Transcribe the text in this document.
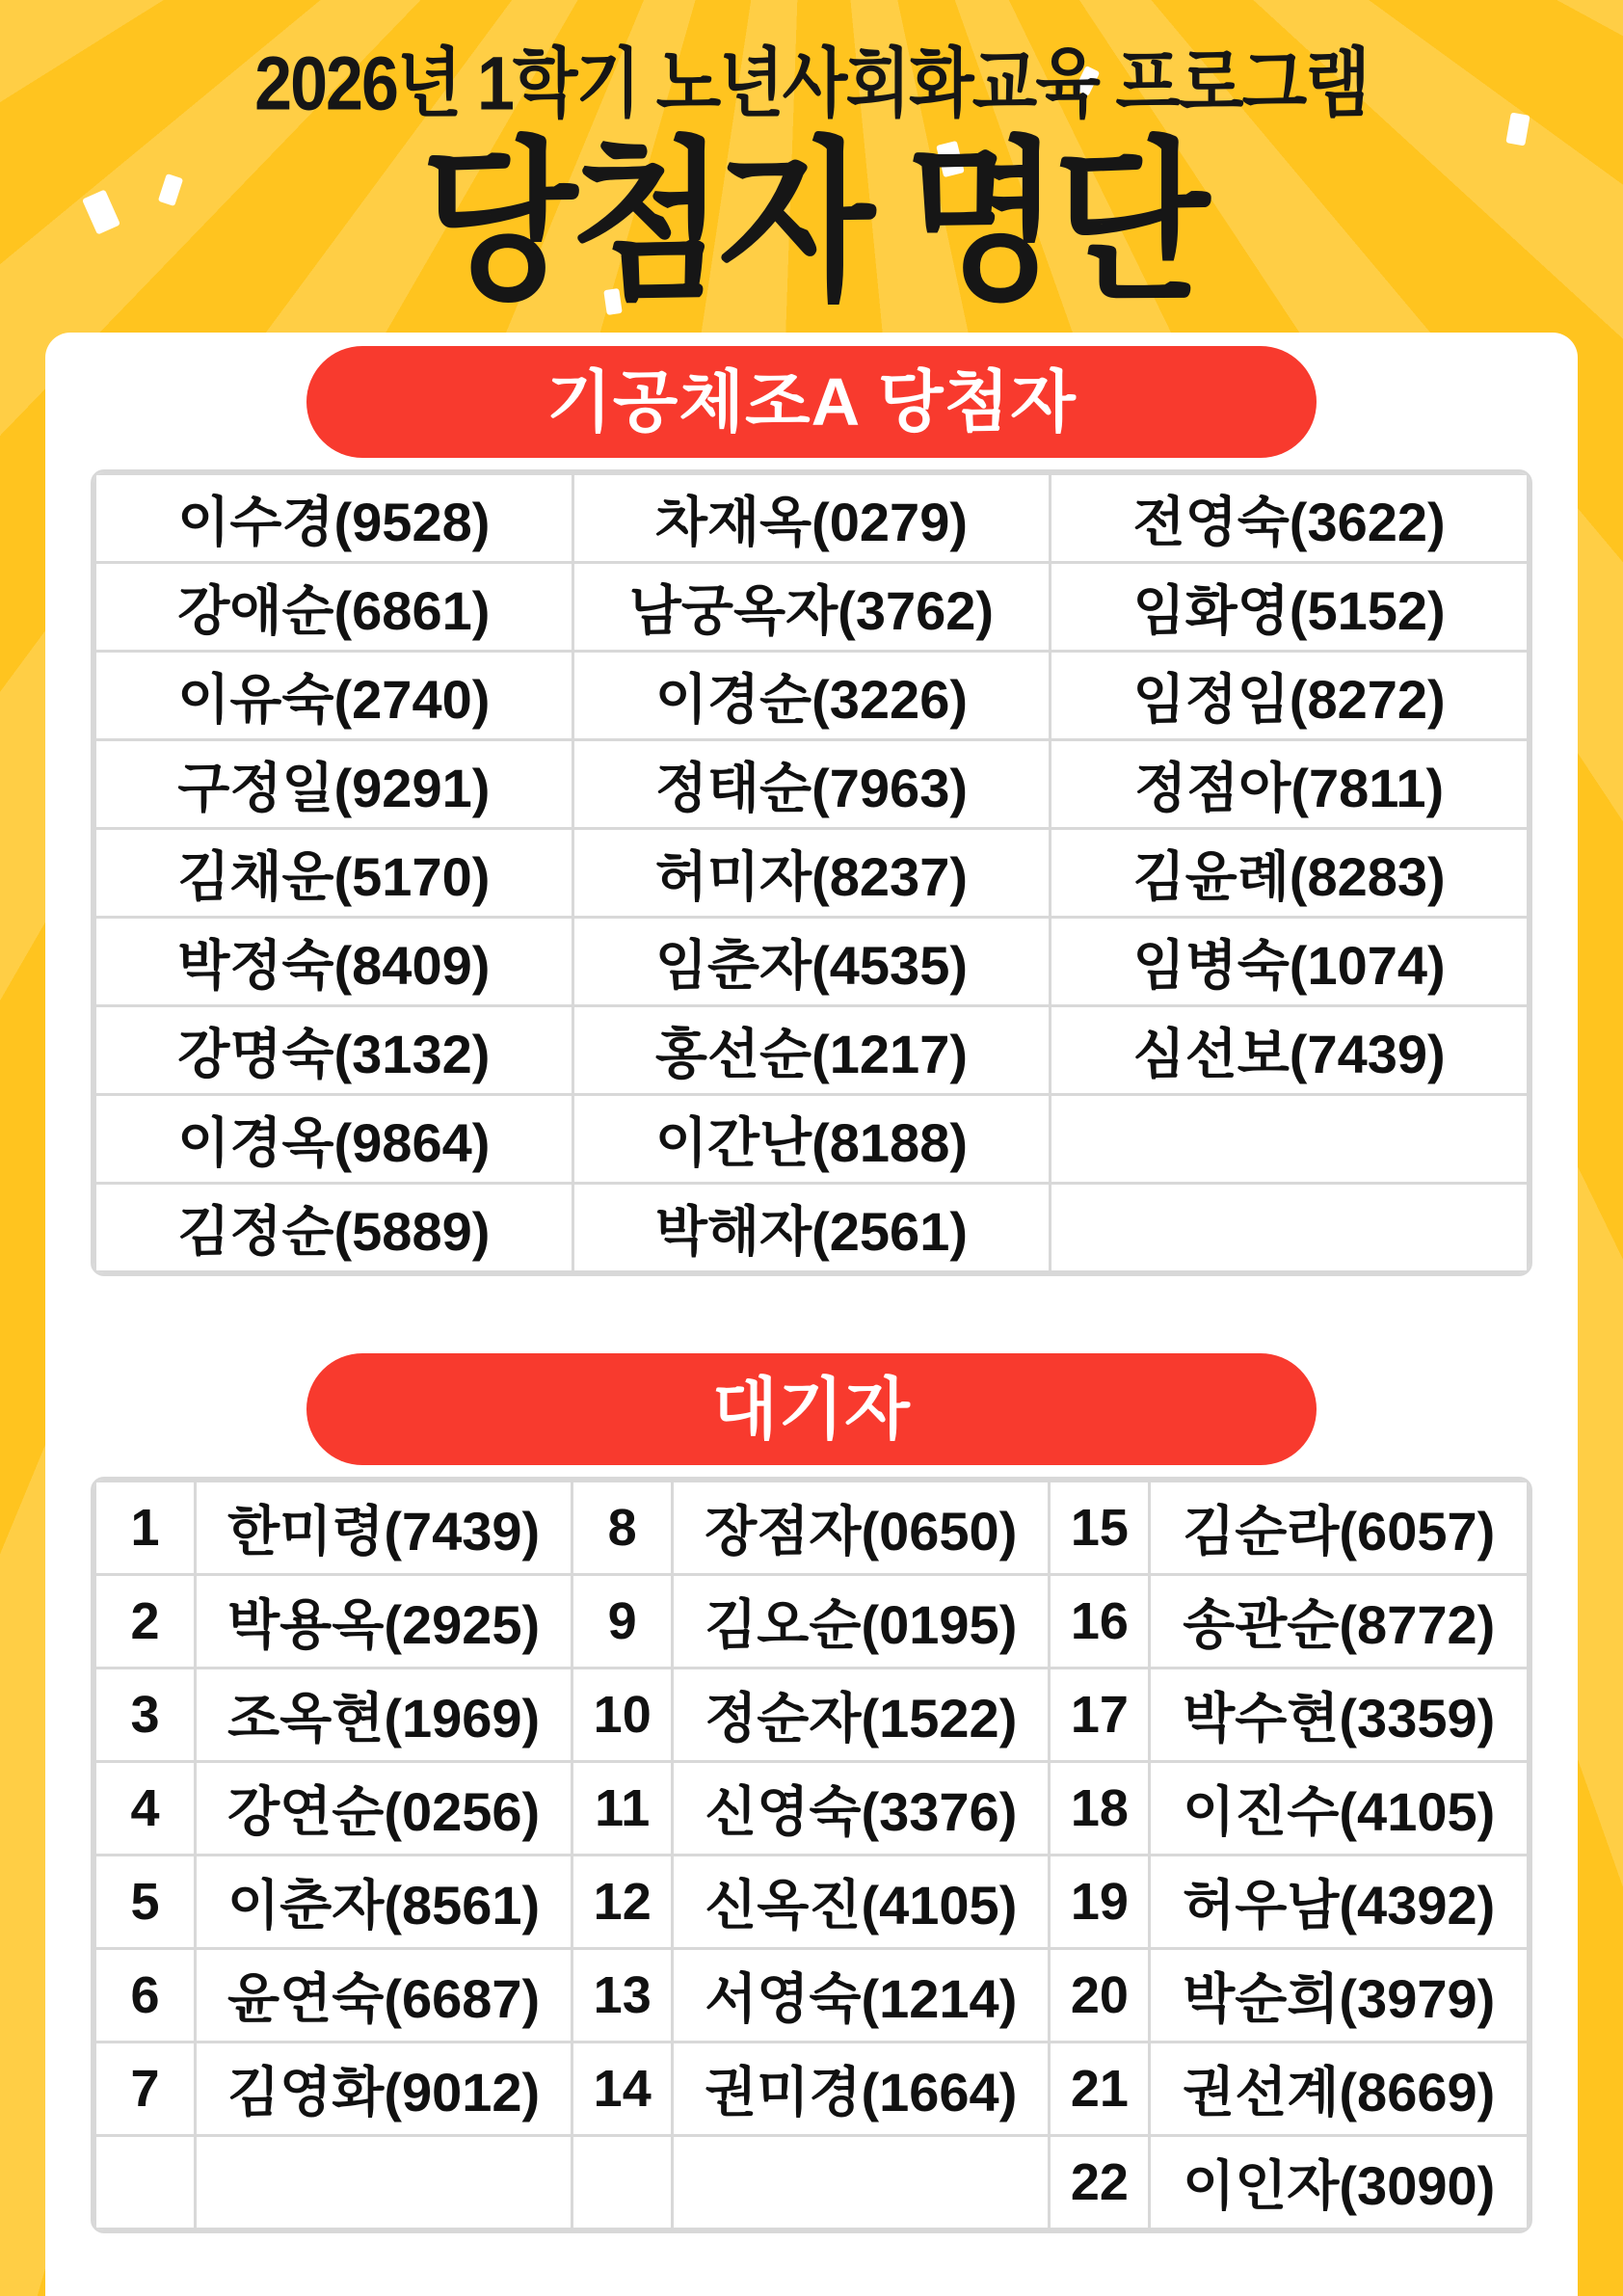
2026년 1학기 노년사회화교육 프로그램
당첨자 명단
기공체조A 당첨자
이수경(9528)	차재옥(0279)	전영숙(3622)
강애순(6861)	남궁옥자(3762)	임화영(5152)
이유숙(2740)	이경순(3226)	임정임(8272)
구정일(9291)	정태순(7963)	정점아(7811)
김채운(5170)	허미자(8237)	김윤례(8283)
박정숙(8409)	임춘자(4535)	임병숙(1074)
강명숙(3132)	홍선순(1217)	심선보(7439)
이경옥(9864)	이간난(8188)	
김정순(5889)	박해자(2561)	
대기자
1	한미령(7439)	8	장점자(0650)	15	김순라(6057)
2	박용옥(2925)	9	김오순(0195)	16	송관순(8772)
3	조옥현(1969)	10	정순자(1522)	17	박수현(3359)
4	강연순(0256)	11	신영숙(3376)	18	이진수(4105)
5	이춘자(8561)	12	신옥진(4105)	19	허우남(4392)
6	윤연숙(6687)	13	서영숙(1214)	20	박순희(3979)
7	김영화(9012)	14	권미경(1664)	21	권선계(8669)
				22	이인자(3090)
